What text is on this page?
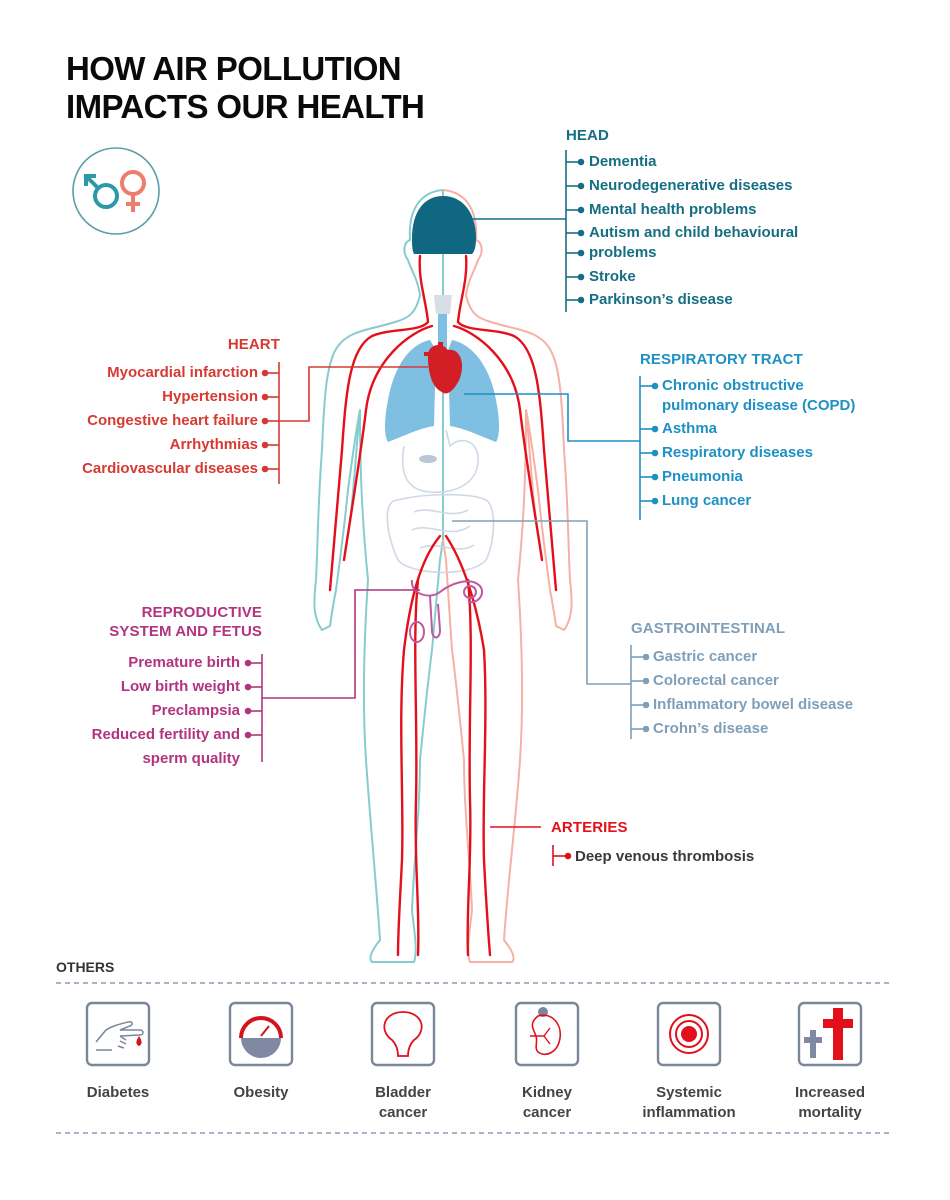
HOW AIR POLLUTION
IMPACTS OUR HEALTH
HEAD
Dementia
Neurodegenerative diseases
Mental health problems
Autism and child behavioural
problems
Stroke
Parkinson’s disease
HEART
Myocardial infarction
Hypertension
Congestive heart failure
Arrhythmias
Cardiovascular diseases
RESPIRATORY TRACT
Chronic obstructive
pulmonary disease (COPD)
Asthma
Respiratory diseases
Pneumonia
Lung cancer
REPRODUCTIVE
SYSTEM AND FETUS
Premature birth
Low birth weight
Preclampsia
Reduced fertility and
sperm quality
GASTROINTESTINAL
Gastric cancer
Colorectal cancer
Inflammatory bowel disease
Crohn’s disease
ARTERIES
Deep venous thrombosis
OTHERS
Diabetes	Obesity	Bladder
cancer
Kidney
cancer
Systemic
inflammation
Increased
mortality
